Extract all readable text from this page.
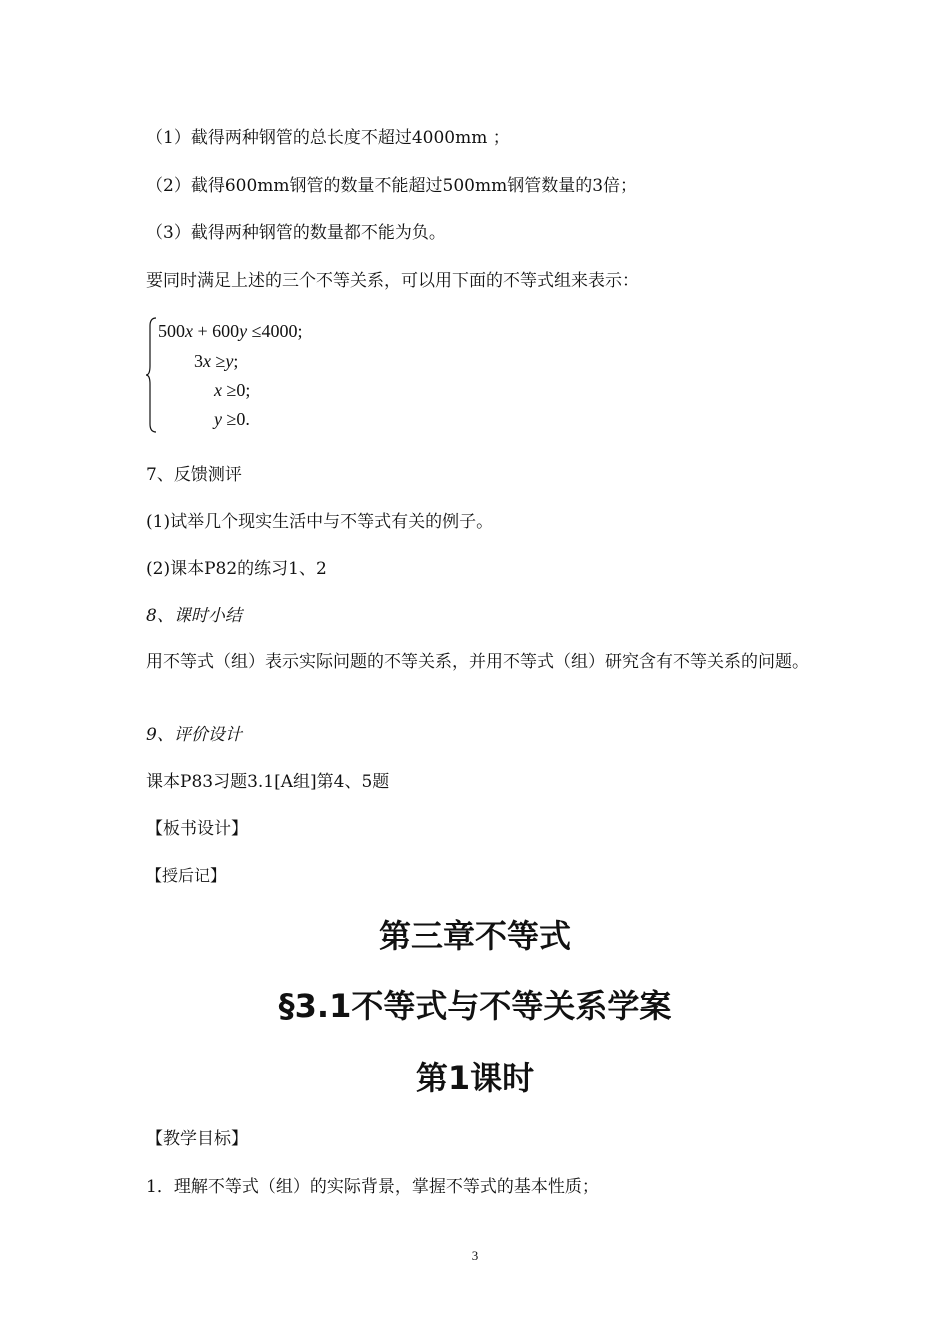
（1）截得两种钢管的总长度不超过4000mm ；
（2）截得600mm钢管的数量不能超过500mm钢管数量的3倍；
（3）截得两种钢管的数量都不能为负。
要同时满足上述的三个不等关系，可以用下面的不等式组来表示：
500x + 600y ≤4000;
3x ≥y;
x ≥0;
y ≥0.
7、反馈测评
(1)试举几个现实生活中与不等式有关的例子。
(2)课本P82的练习1、2
8、课时小结
用不等式（组）表示实际问题的不等关系，并用不等式（组）研究含有不等关系的问题。
9、评价设计
课本P83习题3.1[A组]第4、5题
【板书设计】
【授后记】
第三章不等式
§3.1不等式与不等关系学案
第1课时
【教学目标】
1．理解不等式（组）的实际背景，掌握不等式的基本性质；
3
